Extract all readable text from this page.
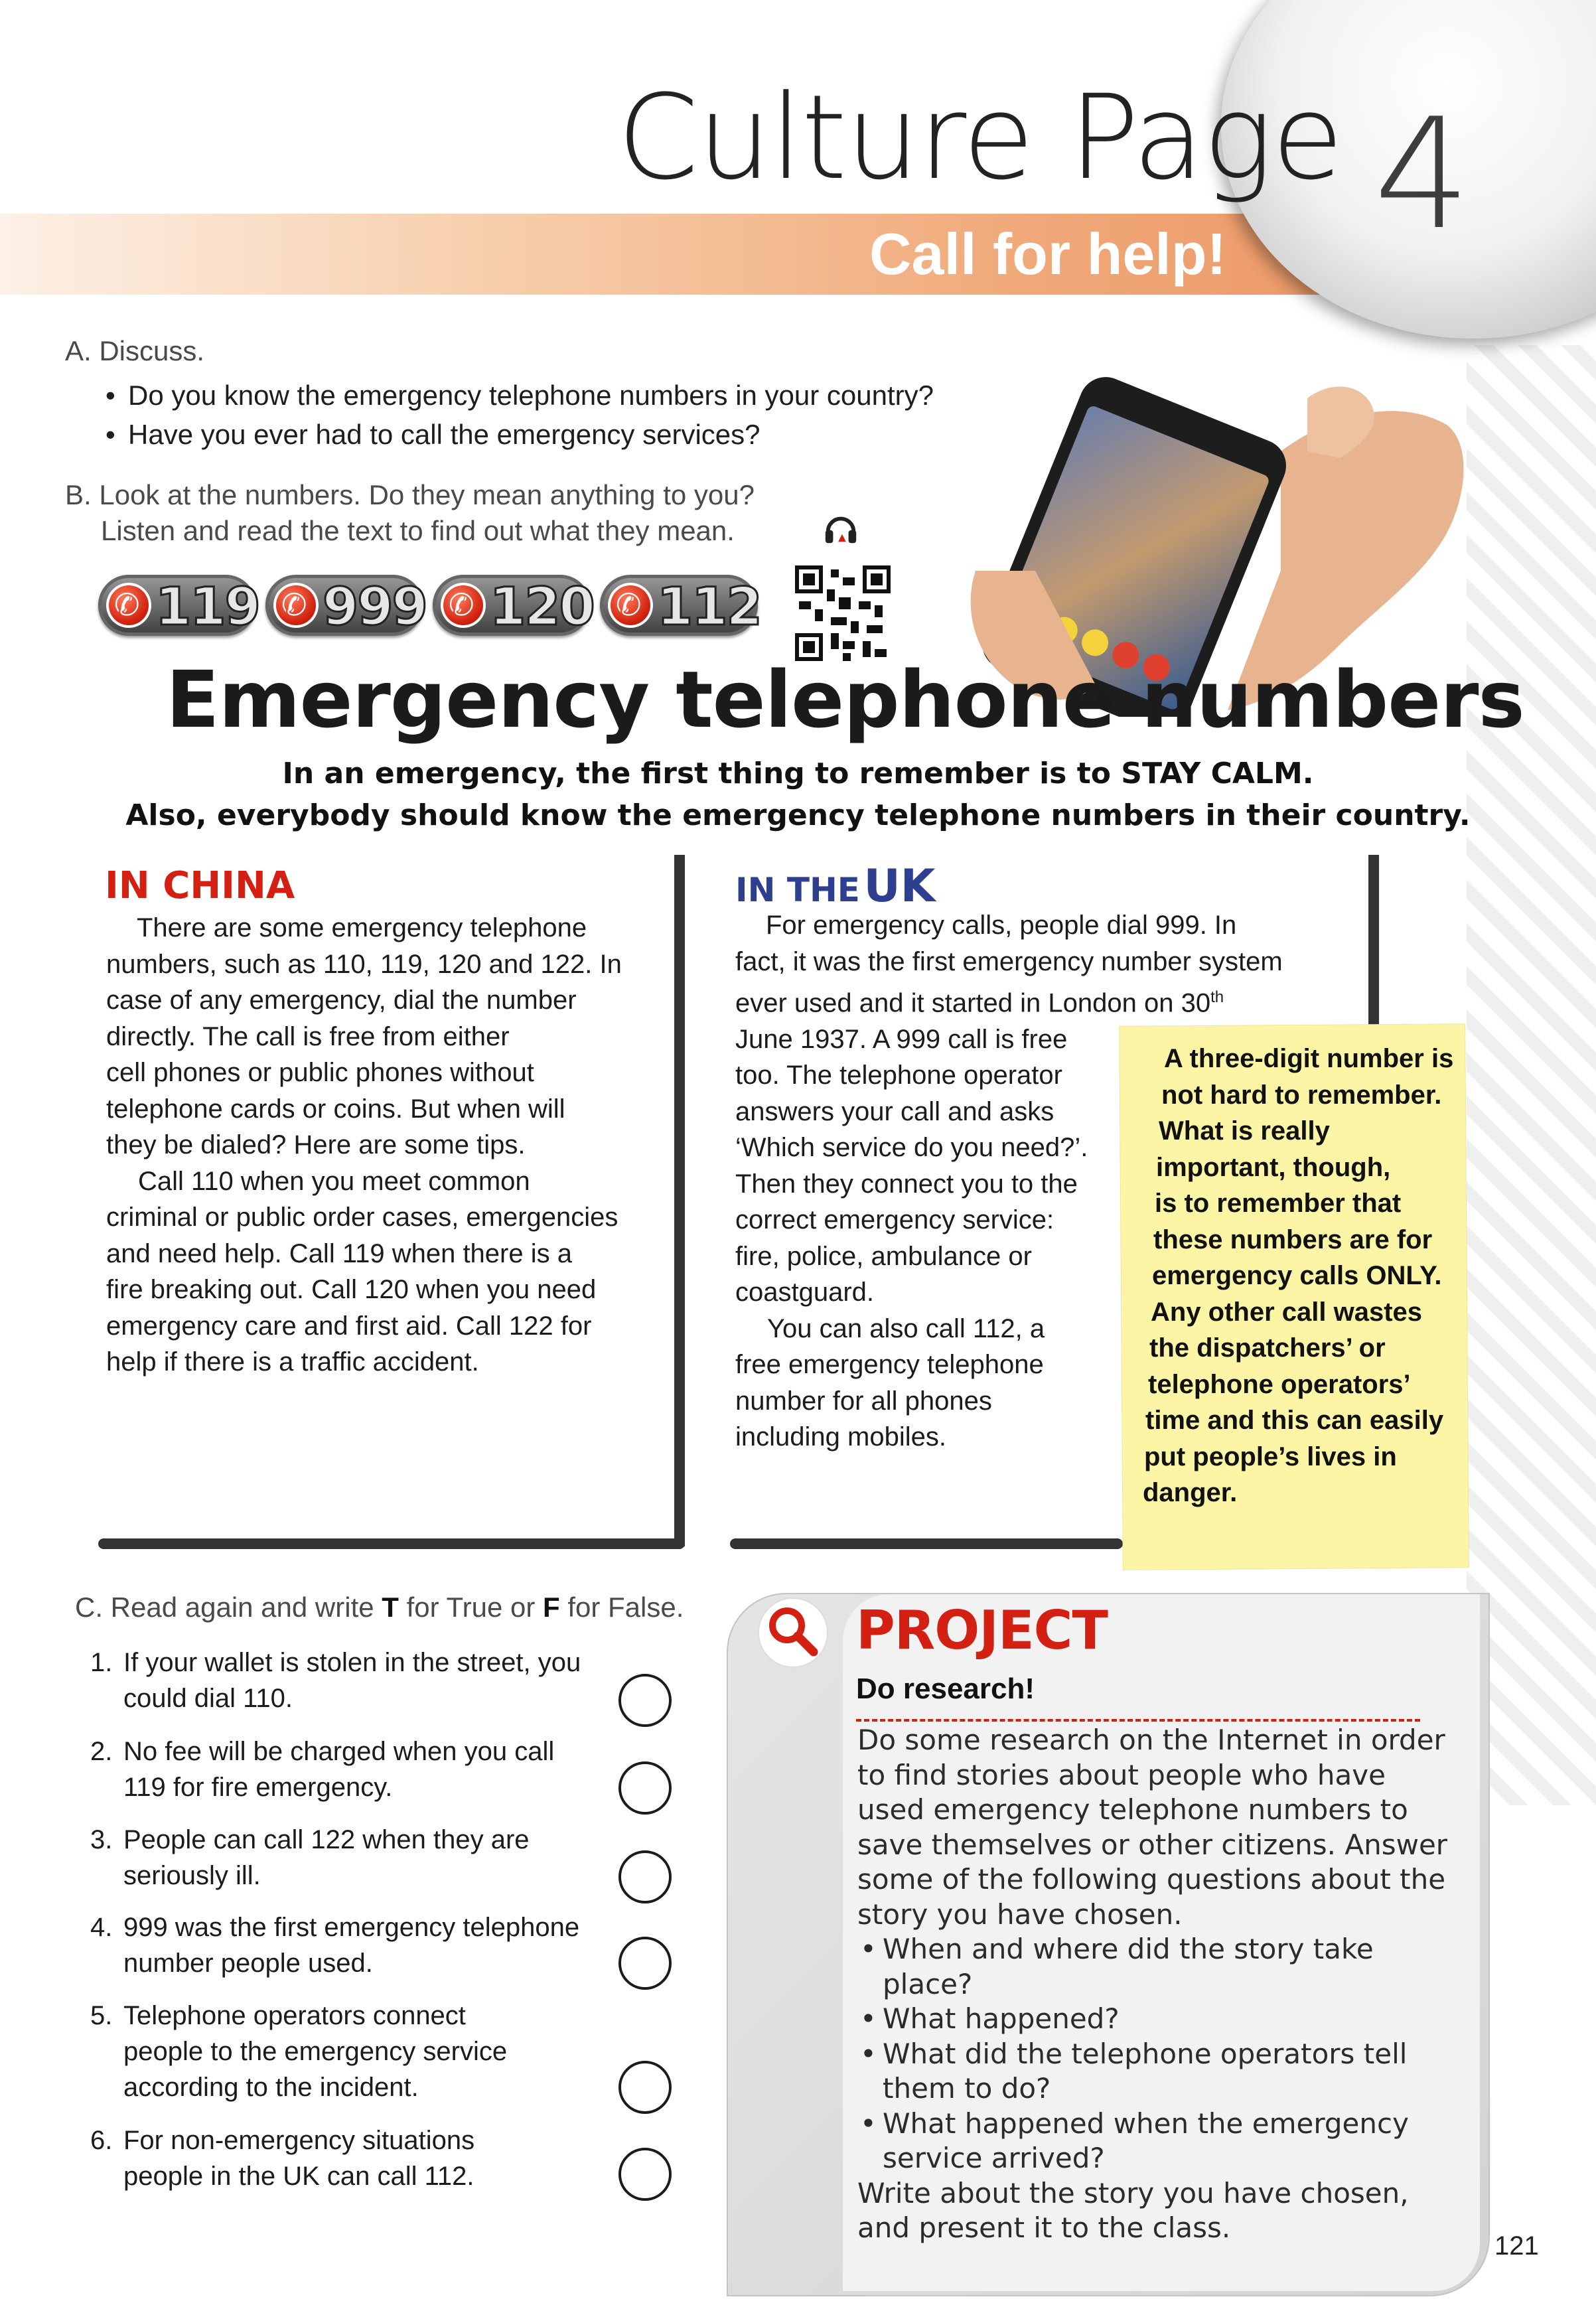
4
Culture Page
Call for help!
A. Discuss.
• Do you know the emergency telephone numbers in your country?
• Have you ever had to call the emergency services?
B. Look at the numbers. Do they mean anything to you?
Listen and read the text to find out what they mean.
✆
119 ✆ 999 ✆ 120 ✆ 112
Emergency telephone numbers
In an emergency, the first thing to remember is to STAY CALM.
Also, everybody should know the emergency telephone numbers in their country.
IN CHINA
There are some emergency telephone
numbers, such as 110, 119, 120 and 122. In
case of any emergency, dial the number
directly. The call is free from either
cell phones or public phones without
telephone cards or coins. But when will
they be dialed? Here are some tips.
Call 110 when you meet common
criminal or public order cases, emergencies
and need help. Call 119 when there is a
fire breaking out. Call 120 when you need
emergency care and first aid. Call 122 for
help if there is a traffic accident.
IN THE UK
For emergency calls, people dial 999. In
fact, it was the first emergency number system
ever used and it started in London on 30th
June 1937. A 999 call is free
too. The telephone operator
answers your call and asks
‘Which service do you need?’.
Then they connect you to the
correct emergency service:
fire, police, ambulance or
coastguard.
You can also call 112, a
free emergency telephone
number for all phones
including mobiles.
A three-digit number is
not hard to remember.
What is really
important, though,
is to remember that
these numbers are for
emergency calls ONLY.
Any other call wastes
the dispatchers’ or
telephone operators’
time and this can easily
put people’s lives in
danger.
C. Read again and write T for True or F for False.
1. If your wallet is stolen in the street, you
could dial 110.
2. No fee will be charged when you call
119 for fire emergency.
3. People can call 122 when they are
seriously ill.
4. 999 was the first emergency telephone
number people used.
5. Telephone operators connect
people to the emergency service
according to the incident.
6. For non-emergency situations
people in the UK can call 112.
PROJECT
Do research!
Do some research on the Internet in order
to find stories about people who have
used emergency telephone numbers to
save themselves or other citizens. Answer
some of the following questions about the
story you have chosen.
• When and where did the story take
place?
• What happened?
• What did the telephone operators tell
them to do?
• What happened when the emergency
service arrived?
Write about the story you have chosen,
and present it to the class.
121
